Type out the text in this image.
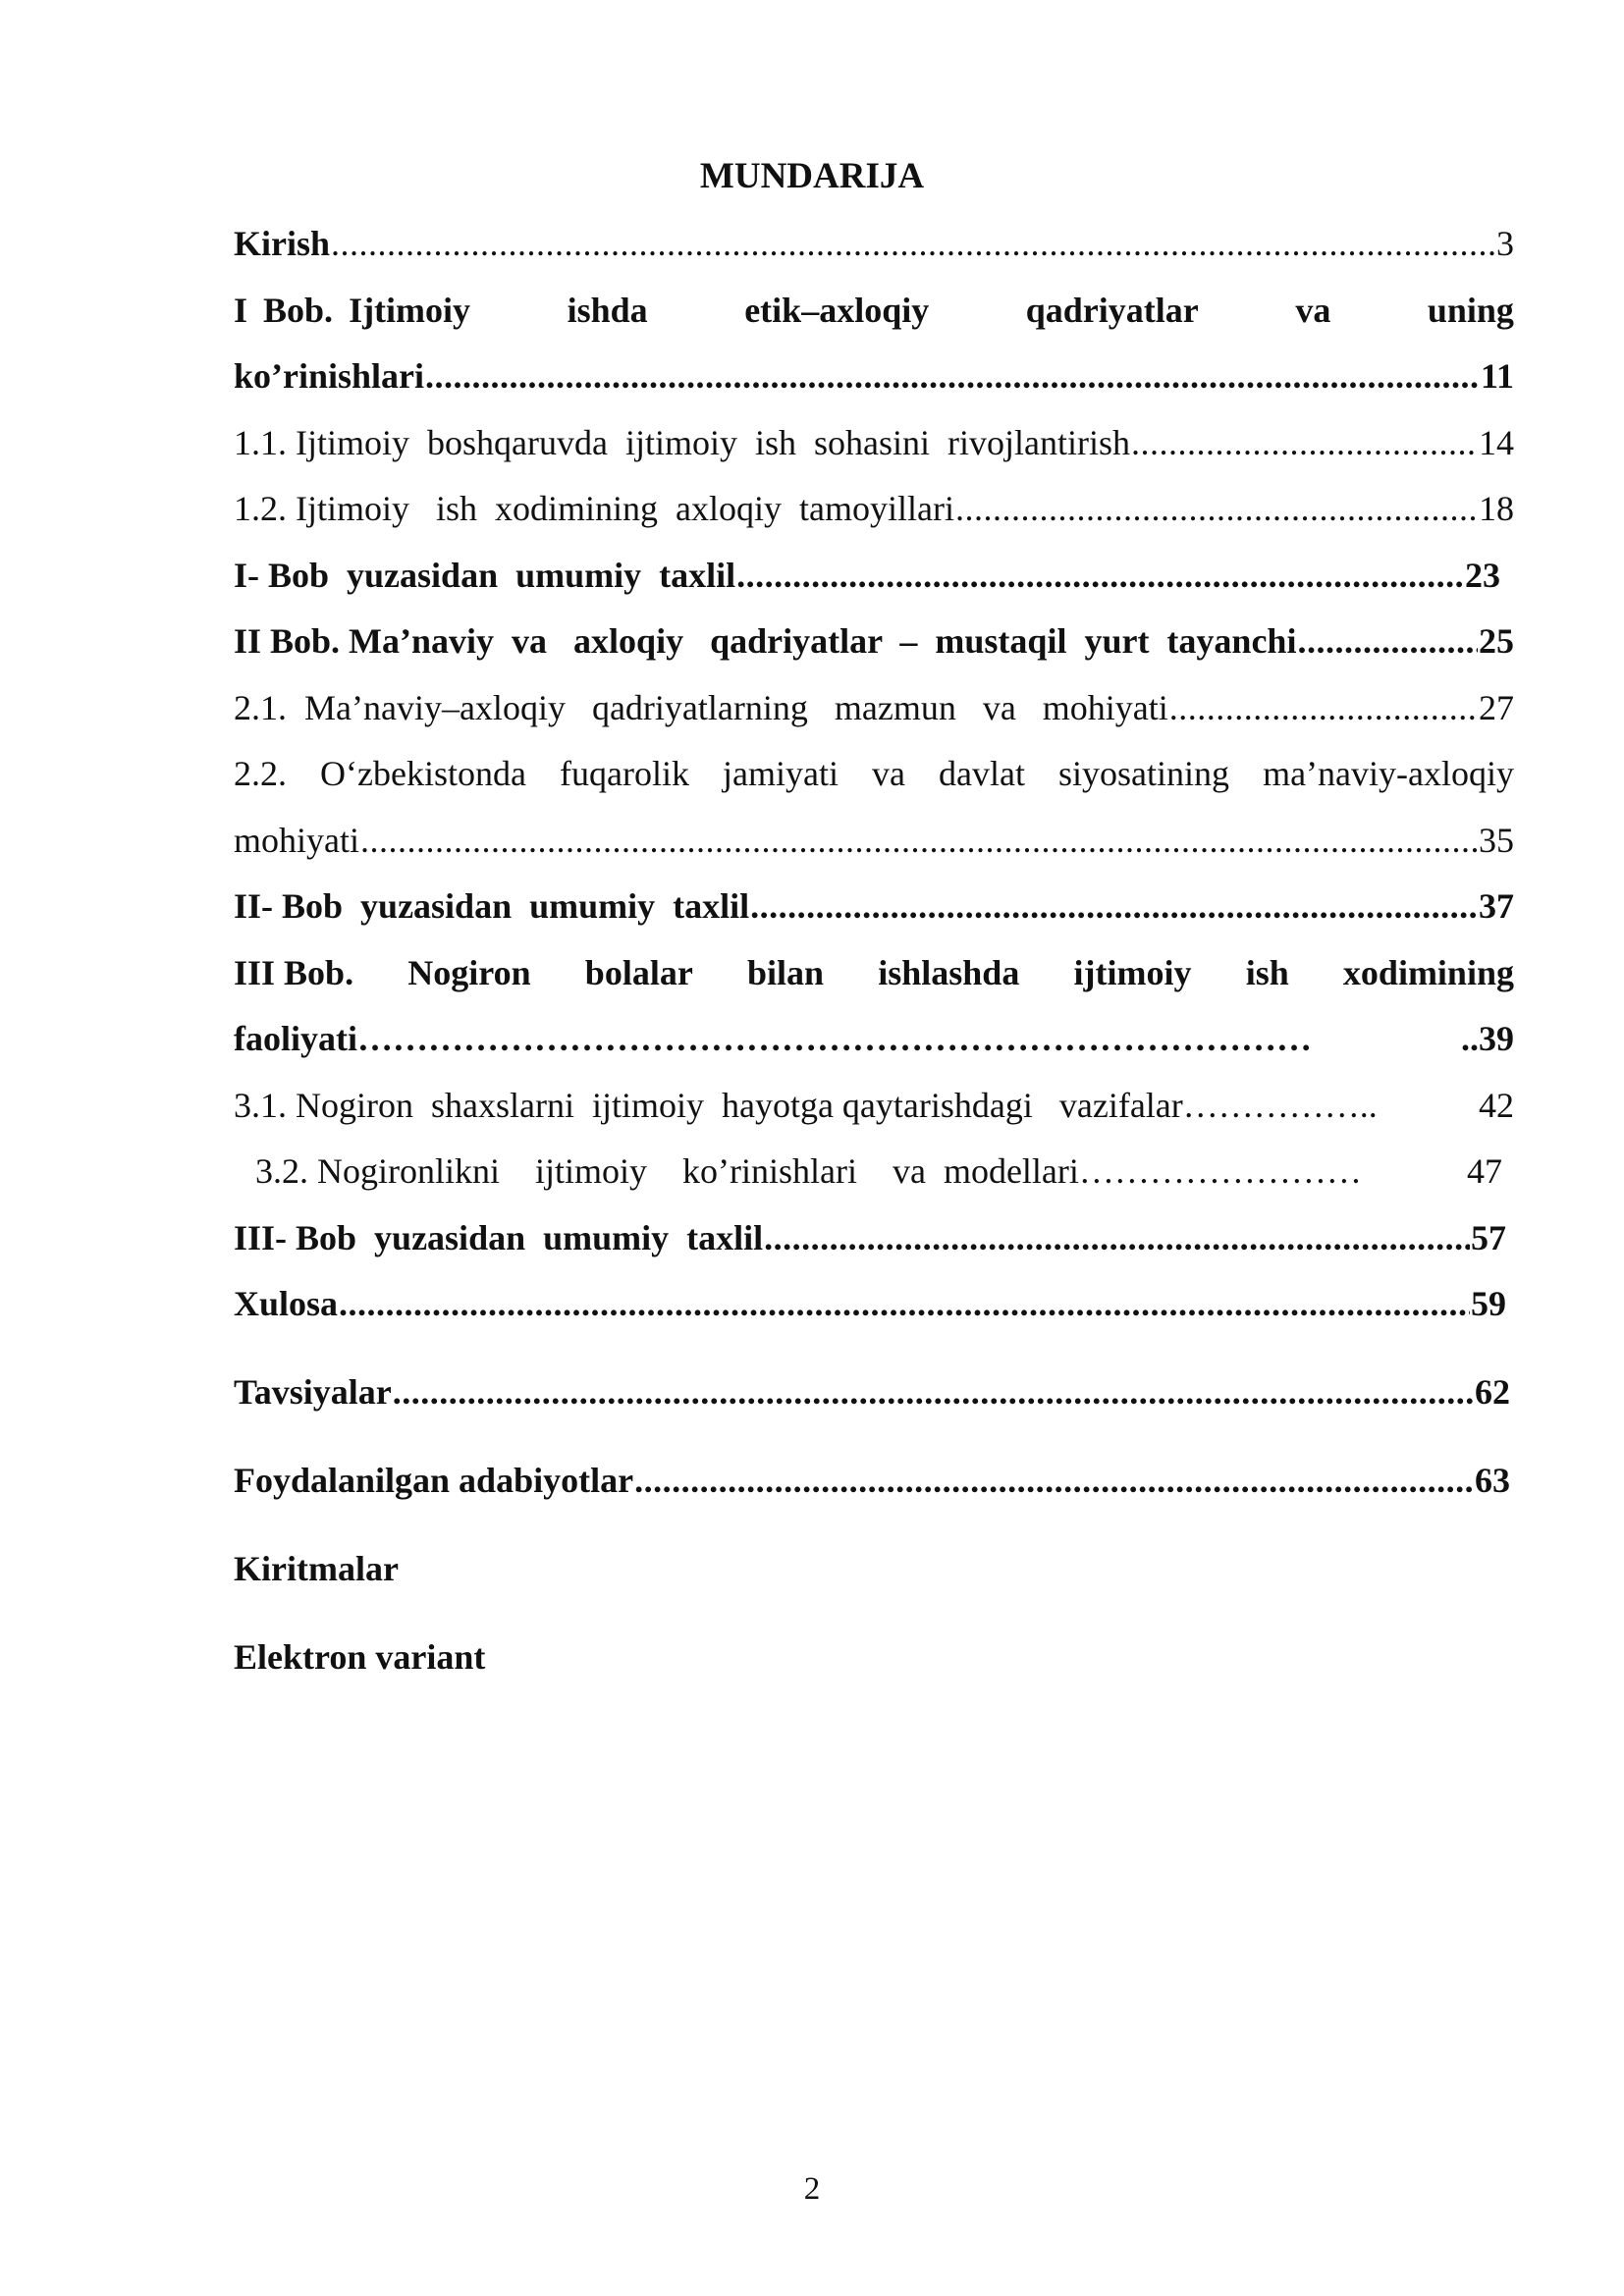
MUNDARIJA
Kirish .....	3
I Bob. Ijtimoiy	ishda	etik–axloqiy	qadriyatlar	va	uning
ko’rinishlari .....	11
1.1. Ijtimoiy  boshqaruvda  ijtimoiy  ish  sohasini  rivojlantirish .....	14
1.2. Ijtimoiy   ish  xodimining  axloqiy  tamoyillari .....	18
I- Bob  yuzasidan  umumiy  taxlil .....	23
II Bob. Ma’naviy  va   axloqiy   qadriyatlar  –  mustaqil  yurt  tayanchi .....	25
2.1.  Ma’naviy–axloqiy   qadriyatlarning   mazmun   va   mohiyati .....	27
2.2. O‘zbekistonda fuqarolik jamiyati va davlat siyosatining ma’naviy-axloqiy
mohiyati .....	35
II- Bob  yuzasidan  umumiy  taxlil .....	37
III Bob. Nogiron bolalar bilan ishlashda ijtimoiy ish xodimining
faoliyati………………………………………………………………………	..39
3.1. Nogiron  shaxslarni  ijtimoiy  hayotga qaytarishdagi   vazifalar……………..	42
3.2. Nogironlikni    ijtimoiy    ko’rinishlari    va  modellari……………………	47
III- Bob  yuzasidan  umumiy  taxlil .....	57
Xulosa .....	59
Tavsiyalar .....	62
Foydalanilgan adabiyotlar .....	63
Kiritmalar
Elektron variant
2
